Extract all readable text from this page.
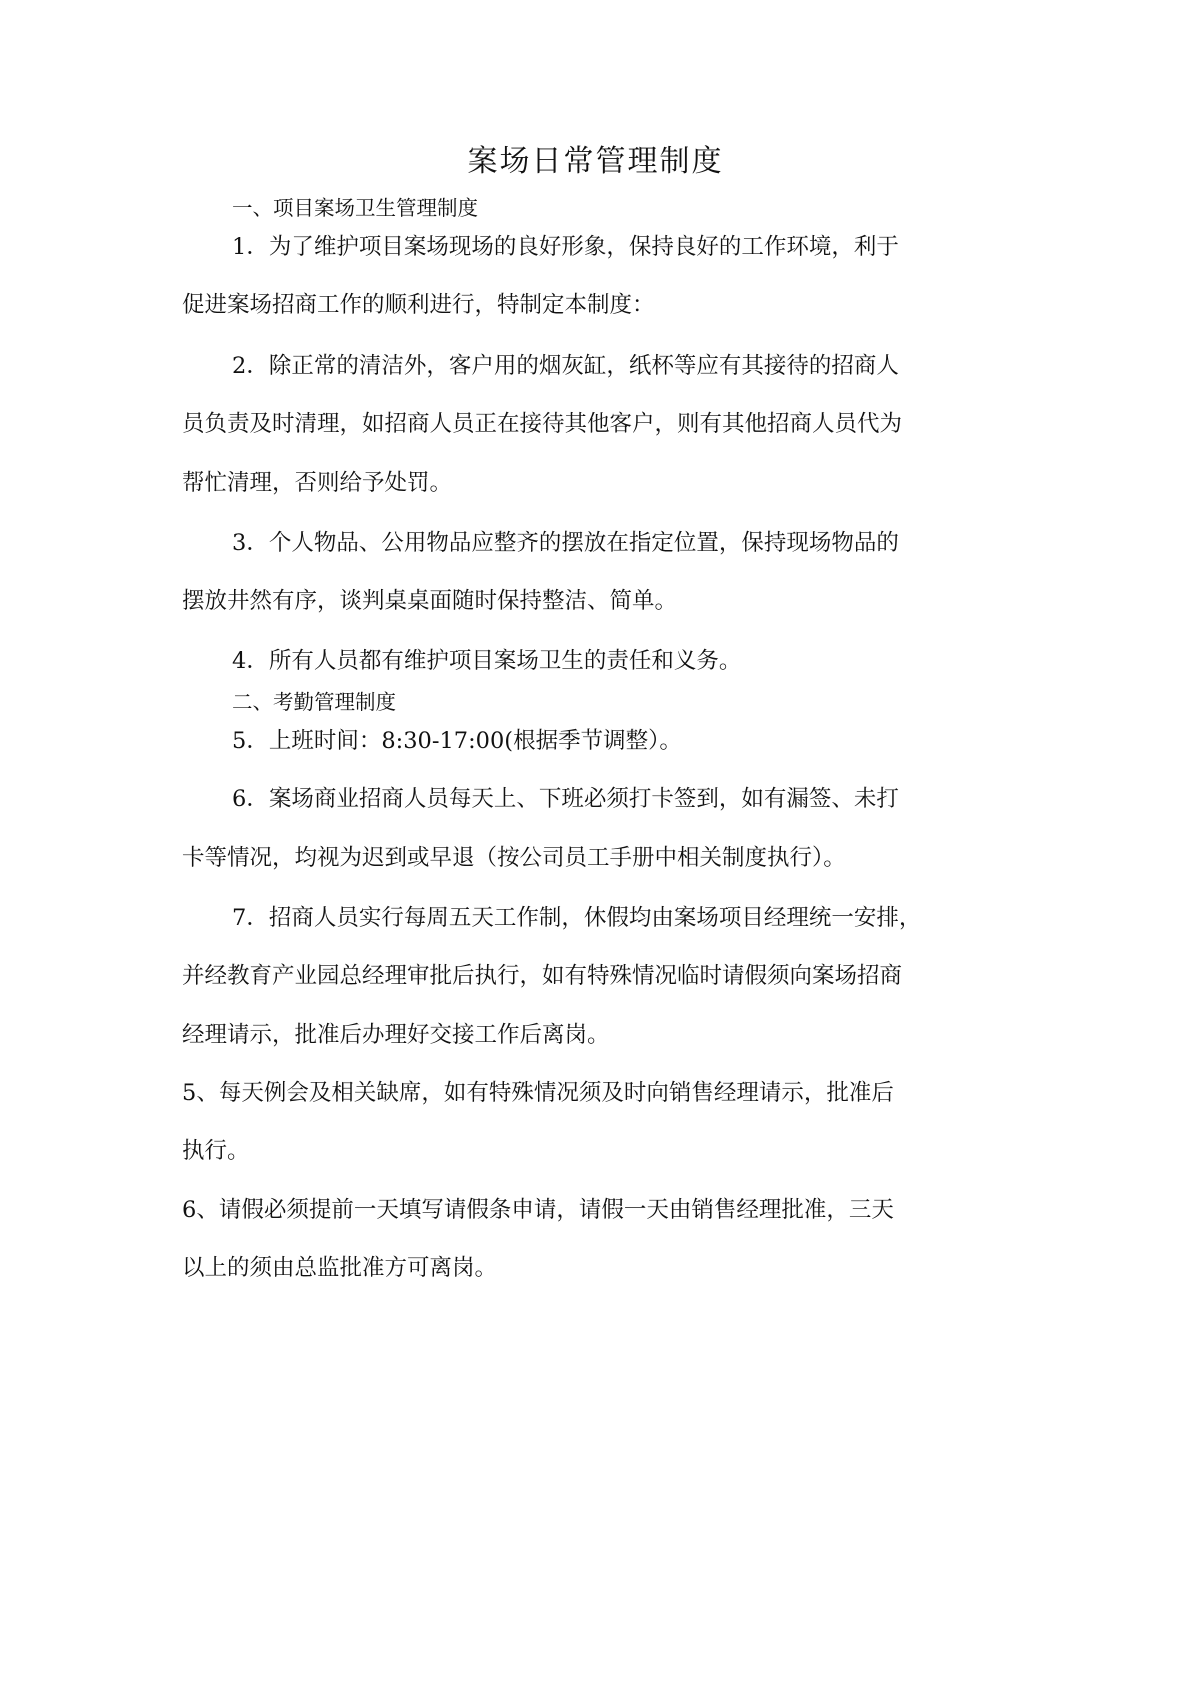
案场日常管理制度
一、项目案场卫生管理制度
1．为了维护项目案场现场的良好形象，保持良好的工作环境，利于
促进案场招商工作的顺利进行，特制定本制度：
2．除正常的清洁外，客户用的烟灰缸，纸杯等应有其接待的招商人
员负责及时清理，如招商人员正在接待其他客户，则有其他招商人员代为
帮忙清理，否则给予处罚。
3．个人物品、公用物品应整齐的摆放在指定位置，保持现场物品的
摆放井然有序，谈判桌桌面随时保持整洁、简单。
4．所有人员都有维护项目案场卫生的责任和义务。
二、考勤管理制度
5．上班时间：8:30-17:00(根据季节调整）。
6．案场商业招商人员每天上、下班必须打卡签到，如有漏签、未打
卡等情况，均视为迟到或早退（按公司员工手册中相关制度执行）。
7．招商人员实行每周五天工作制，休假均由案场项目经理统一安排，
并经教育产业园总经理审批后执行，如有特殊情况临时请假须向案场招商
经理请示，批准后办理好交接工作后离岗。
5、每天例会及相关缺席，如有特殊情况须及时向销售经理请示，批准后
执行。
6、请假必须提前一天填写请假条申请，请假一天由销售经理批准，三天
以上的须由总监批准方可离岗。
